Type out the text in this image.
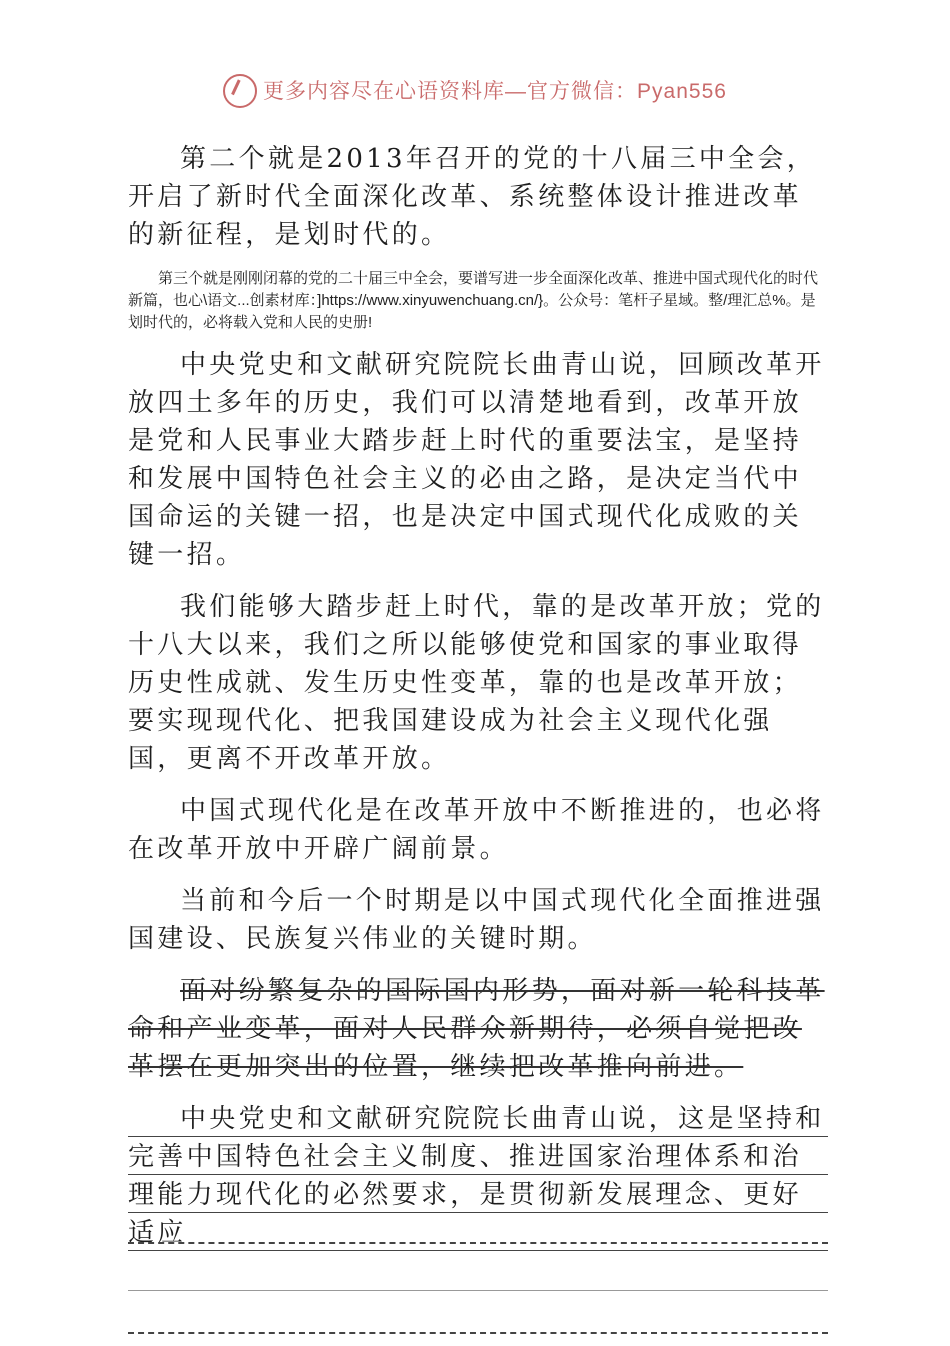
更多内容尽在心语资料库—官方微信：Pyan556

第二个就是2013年召开的党的十八届三中全会，开启了新时代全面深化改革、系统整体设计推进改革的新征程，是划时代的。

第三个就是刚刚闭幕的党的二十届三中全会，要谱写进一步全面深化改革、推进中国式现代化的时代新篇，也心\语文...创素材库：]https://www.xinyuwenchuang.cn/}。公众号：笔杆子星域。整/理汇总%。是划时代的，必将载入党和人民的史册!

中央党史和文献研究院院长曲青山说，回顾改革开放四土多年的历史，我们可以清楚地看到，改革开放是党和人民事业大踏步赶上时代的重要法宝，是坚持和发展中国特色社会主义的必由之路，是决定当代中国命运的关键一招，也是决定中国式现代化成败的关键一招。

我们能够大踏步赶上时代，靠的是改革开放；党的十八大以来，我们之所以能够使党和国家的事业取得历史性成就、发生历史性变革，靠的也是改革开放；要实现现代化、把我国建设成为社会主义现代化强国，更离不开改革开放。

中国式现代化是在改革开放中不断推进的，也必将在改革开放中开辟广阔前景。

当前和今后一个时期是以中国式现代化全面推进强国建设、民族复兴伟业的关键时期。

面对纷繁复杂的国际国内形势，面对新一轮科技革命和产业变革，面对人民群众新期待，必须自觉把改革摆在更加突出的位置，继续把改革推向前进。

中央党史和文献研究院院长曲青山说，这是坚持和完善中国特色社会主义制度、推进国家治理体系和治理能力现代化的必然要求，是贯彻新发展理念、更好适应
